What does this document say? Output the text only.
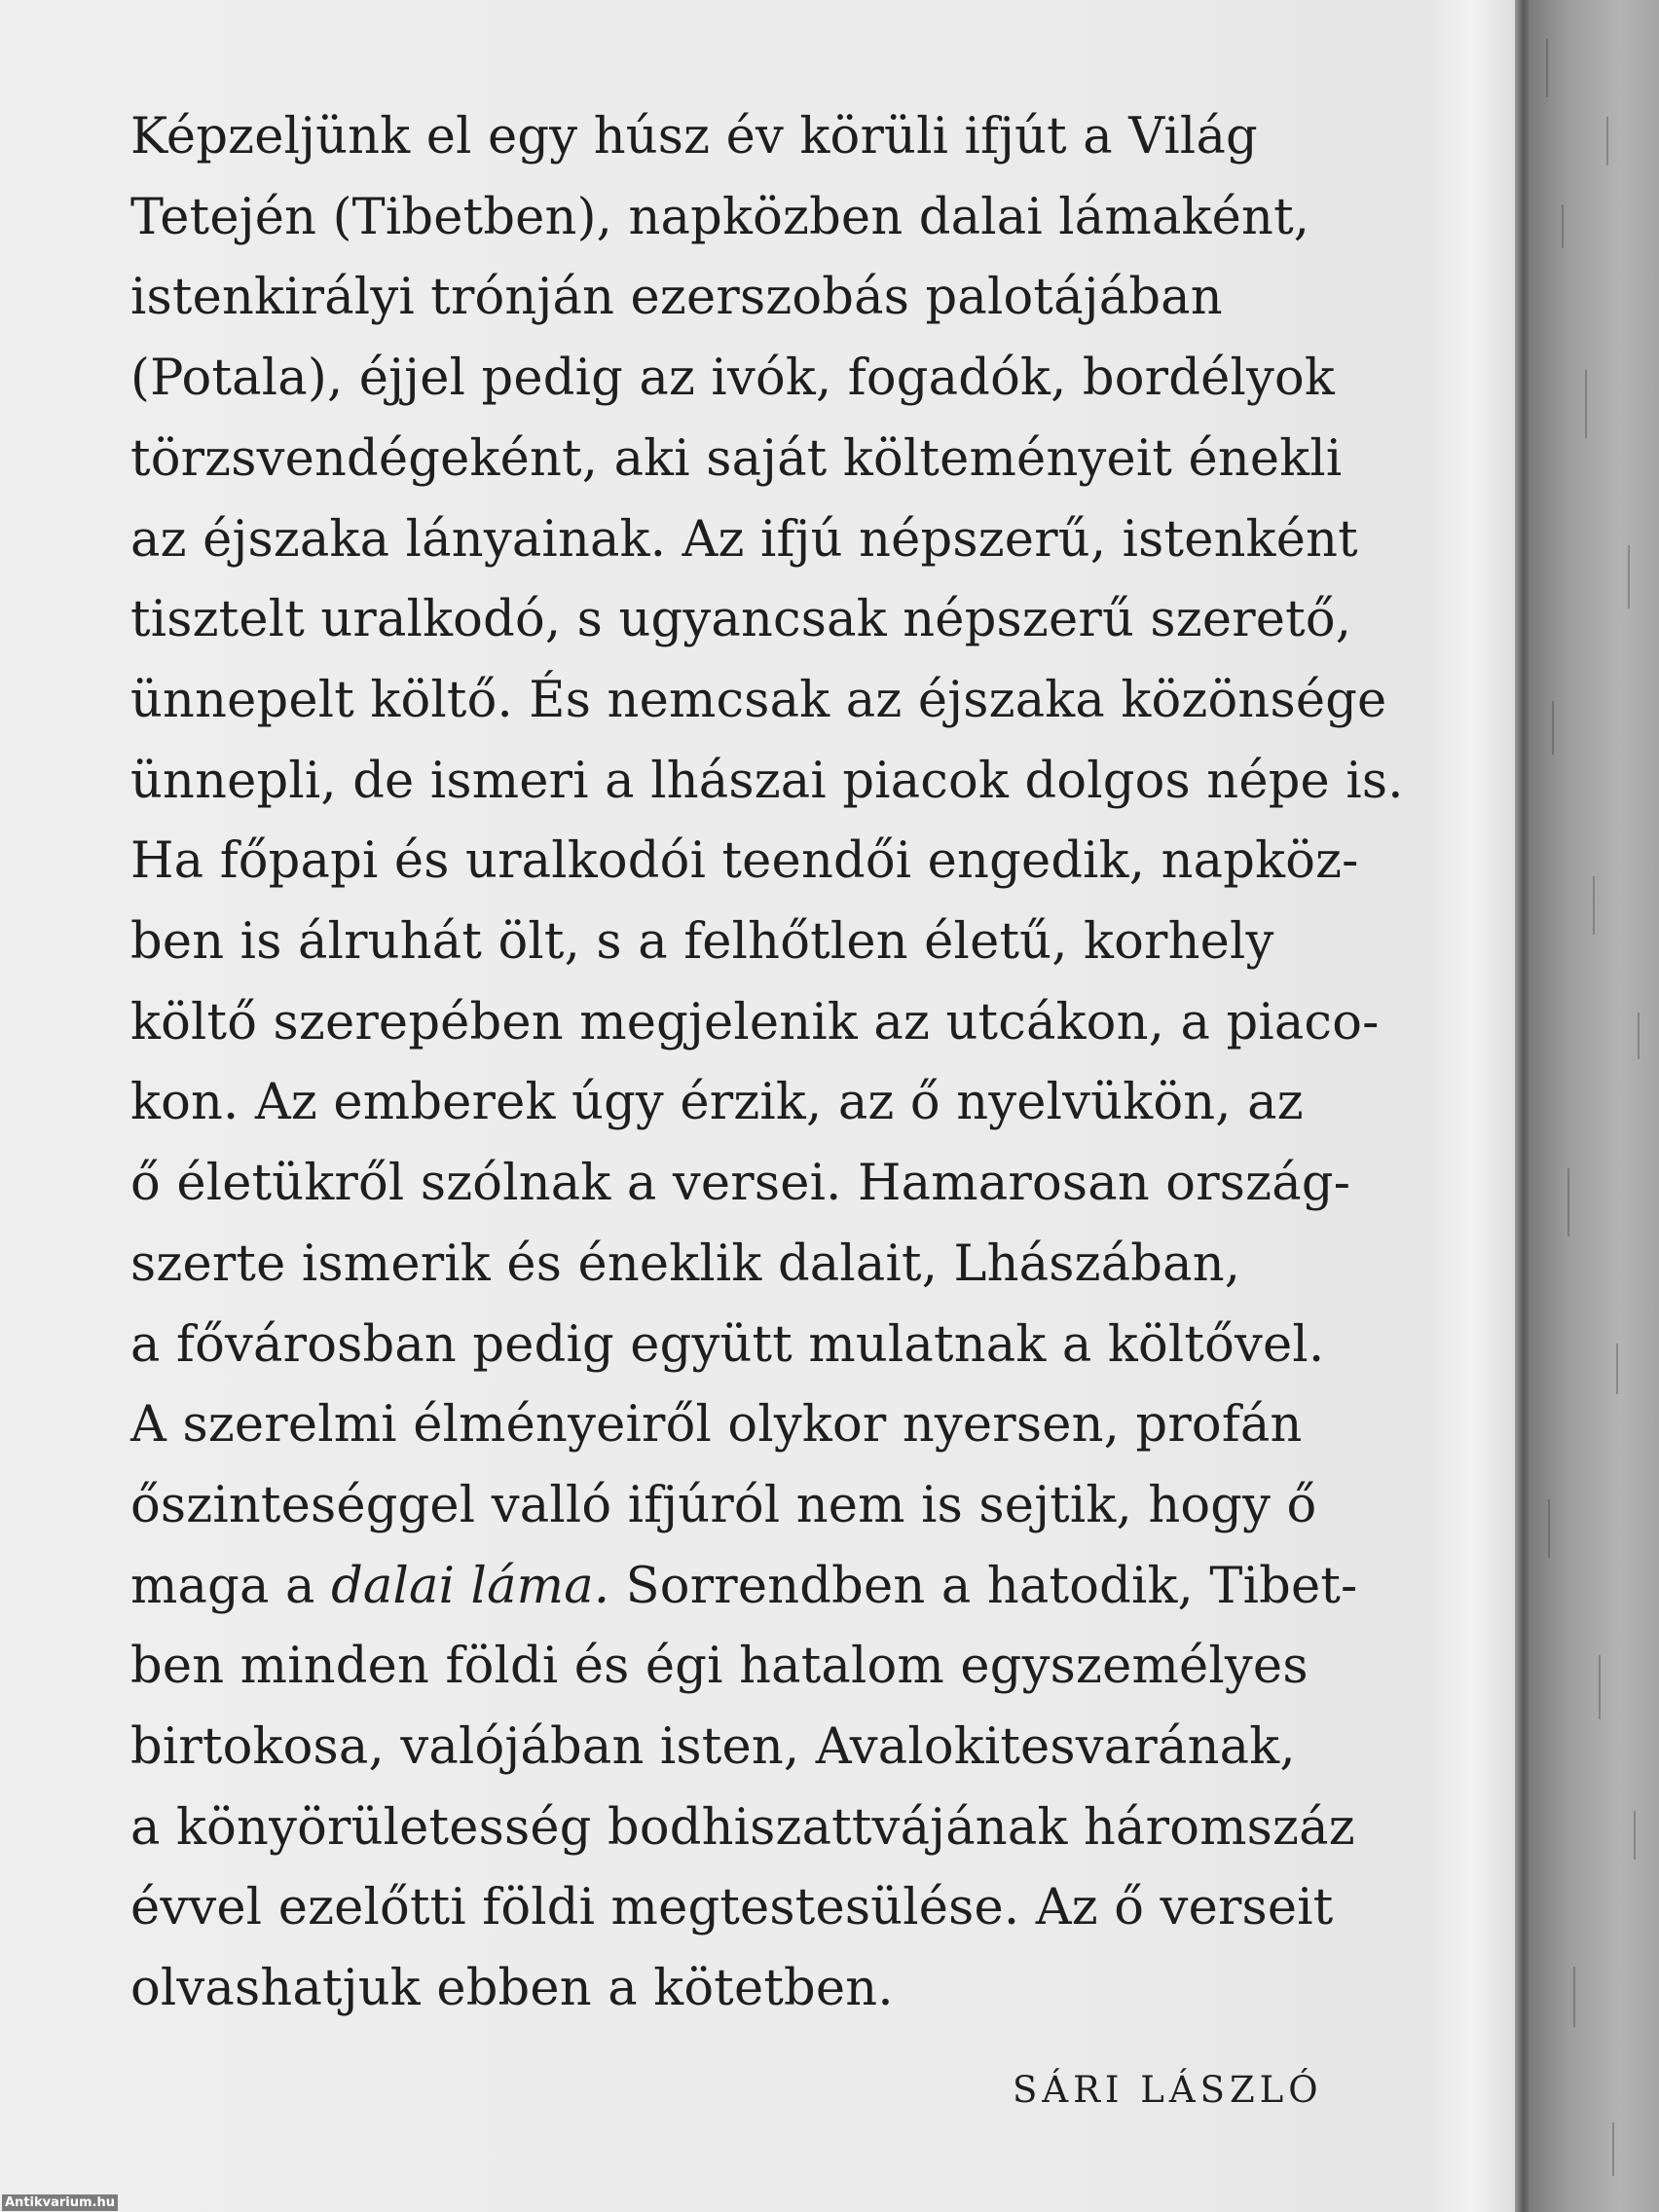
Képzeljünk el egy húsz év körüli ifjút a Világ
Tetején (Tibetben), napközben dalai lámaként,
istenkirályi trónján ezerszobás palotájában
(Potala), éjjel pedig az ivók, fogadók, bordélyok
törzsvendégeként, aki saját költeményeit énekli
az éjszaka lányainak. Az ifjú népszerű, istenként
tisztelt uralkodó, s ugyancsak népszerű szerető,
ünnepelt költő. És nemcsak az éjszaka közönsége
ünnepli, de ismeri a lhászai piacok dolgos népe is.
Ha főpapi és uralkodói teendői engedik, napköz-
ben is álruhát ölt, s a felhőtlen életű, korhely
költő szerepében megjelenik az utcákon, a piaco-
kon. Az emberek úgy érzik, az ő nyelvükön, az
ő életükről szólnak a versei. Hamarosan ország-
szerte ismerik és éneklik dalait, Lhászában,
a fővárosban pedig együtt mulatnak a költővel.
A szerelmi élményeiről olykor nyersen, profán
őszinteséggel valló ifjúról nem is sejtik, hogy ő
maga a dalai láma. Sorrendben a hatodik, Tibet-
ben minden földi és égi hatalom egyszemélyes
birtokosa, valójában isten, Avalokitesvarának,
a könyörületesség bodhiszattvájának háromszáz
évvel ezelőtti földi megtestesülése. Az ő verseit
olvashatjuk ebben a kötetben.
SÁRI LÁSZLÓ
Antikvarium.hu
